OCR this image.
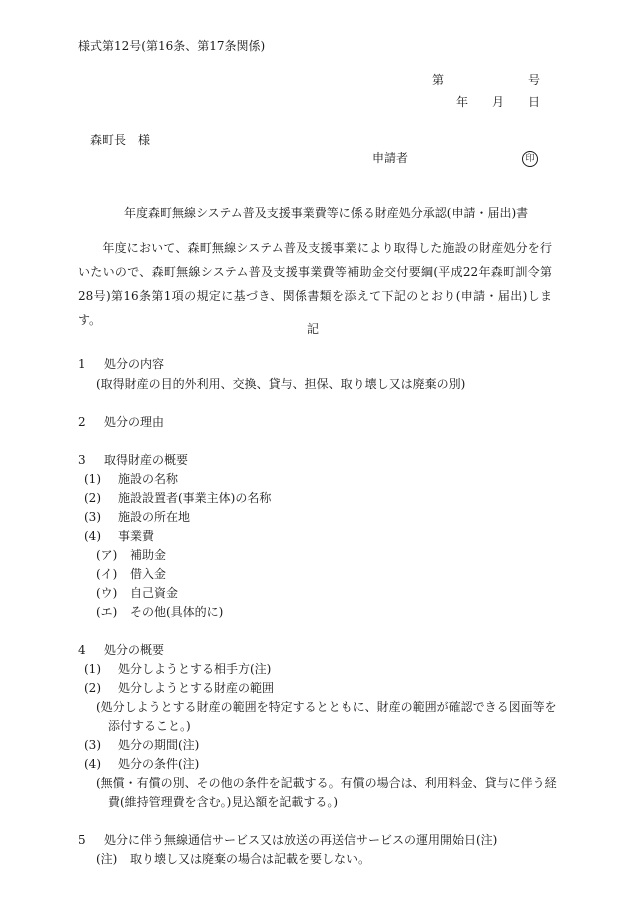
様式第12号(第16条、第17条関係)
第	号
年 月 日
森町長　様
申請者	印
年度森町無線システム普及支援事業費等に係る財産処分承認(申請・届出)書
　　年度において、森町無線システム普及支援事業により取得した施設の財産処分を行いたいので、森町無線システム普及支援事業費等補助金交付要綱(平成22年森町訓令第28号)第16条第1項の規定に基づき、関係書類を添えて下記のとおり(申請・届出)します。
記
1 処分の内容
(取得財産の目的外利用、交換、貸与、担保、取り壊し又は廃棄の別)
2 処分の理由
3 取得財産の概要
(1) 施設の名称
(2) 施設設置者(事業主体)の名称
(3) 施設の所在地
(4) 事業費
(ア) 補助金
(イ) 借入金
(ウ) 自己資金
(エ) その他(具体的に)
4 処分の概要
(1) 処分しようとする相手方(注)
(2) 処分しようとする財産の範囲
(処分しようとする財産の範囲を特定するとともに、財産の範囲が確認できる図面等を
添付すること。)
(3) 処分の期間(注)
(4) 処分の条件(注)
(無償・有償の別、その他の条件を記載する。有償の場合は、利用料金、貸与に伴う経
費(維持管理費を含む。)見込額を記載する。)
5 処分に伴う無線通信サービス又は放送の再送信サービスの運用開始日(注)
(注) 取り壊し又は廃棄の場合は記載を要しない。
